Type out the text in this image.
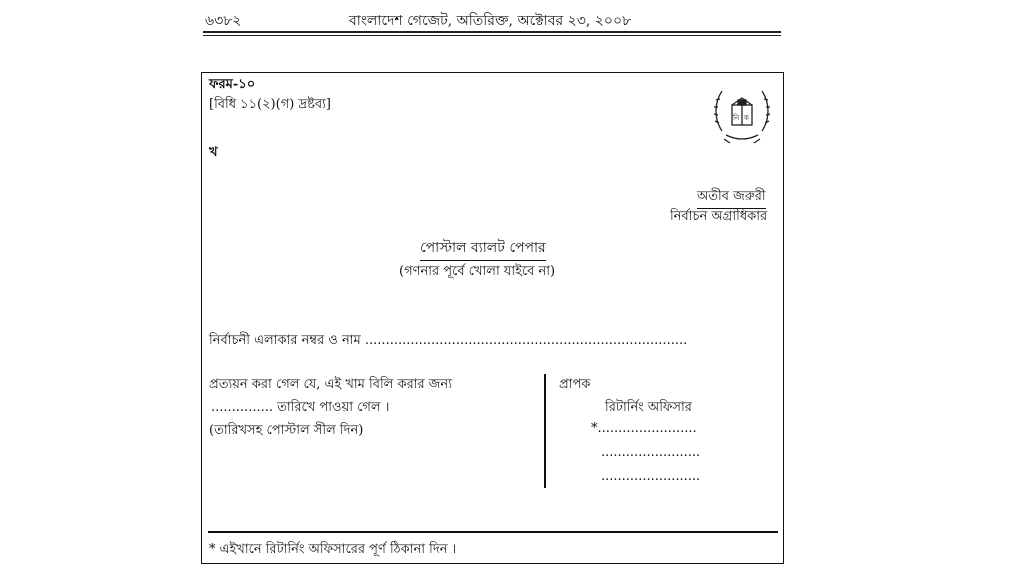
৬৩৮২	বাংলাদেশ গেজেট, অতিরিক্ত, অক্টোবর ২৩, ২০০৮
ফরম-১০
[বিধি ১১(২)(গ) দ্রষ্টব্য]
খ
নি ক
অতীব জরুরী
নির্বাচন অগ্রাধিকার
পোস্টাল ব্যালট পেপার
(গণনার পূর্বে খোলা যাইবে না)
নির্বাচনী এলাকার নম্বর ও নাম ..............................................................................
প্রত্যয়ন করা গেল যে, এই খাম বিলি করার জন্য
............... তারিখে পাওয়া গেল ।
(তারিখসহ পোস্টাল সীল দিন)
প্রাপক
রিটার্নিং অফিসার
*........................
........................
........................
* এইখানে রিটার্নিং অফিসারের পূর্ণ ঠিকানা দিন ।
